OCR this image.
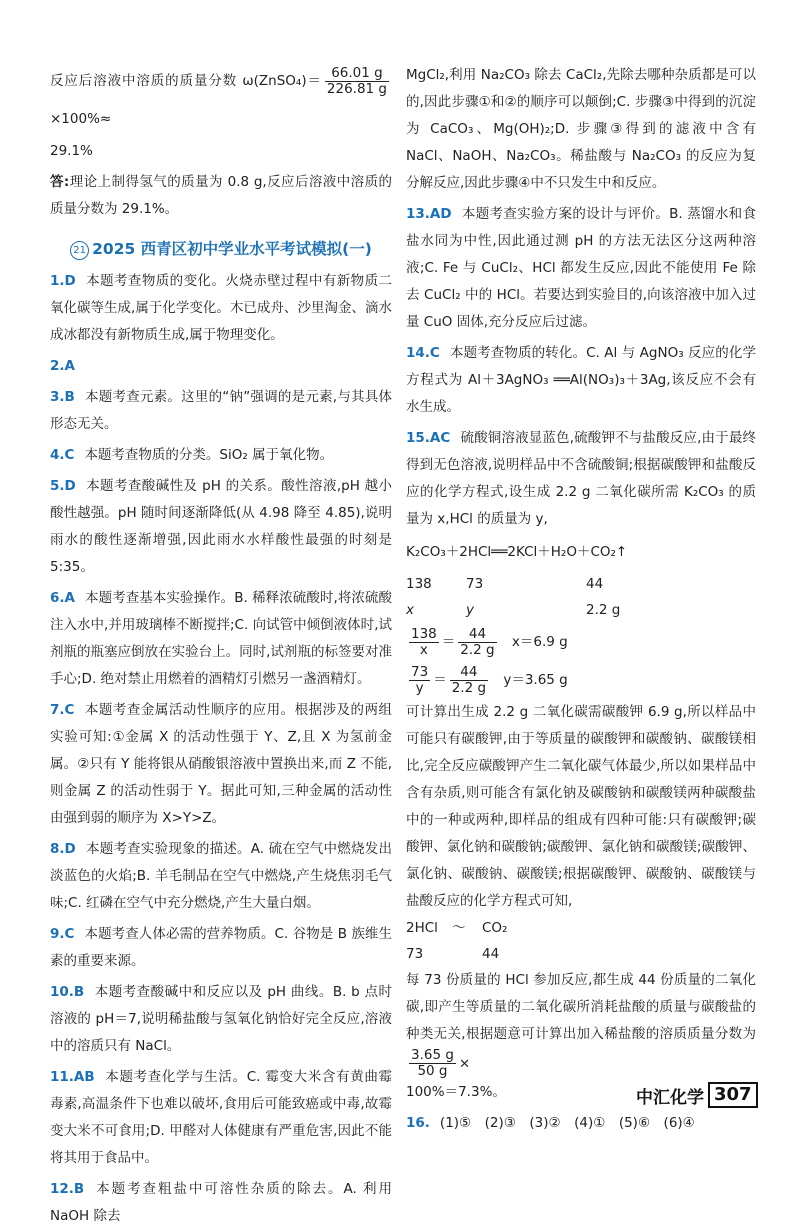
反应后溶液中溶质的质量分数 ω(ZnSO₄)＝ $\frac{66.01 g}{226.81 g}$
×100%≈

29.1%

答:理论上制得氢气的质量为 0.8 g,反应后溶液中溶质的质量分数为 29.1%。

21 2025 西青区初中学业水平考试模拟(一)

1.D 本题考查物质的变化。火烧赤壁过程中有新物质二氧化碳等生成,属于化学变化。木已成舟、沙里淘金、滴水成冰都没有新物质生成,属于物理变化。

2.A

3.B 本题考查元素。这里的“钠”强调的是元素,与其具体形态无关。

4.C 本题考查物质的分类。SiO₂ 属于氧化物。

5.D 本题考查酸碱性及 pH 的关系。酸性溶液,pH 越小酸性越强。pH 随时间逐渐降低(从 4.98 降至 4.85),说明雨水的酸性逐渐增强,因此雨水水样酸性最强的时刻是 5:35。

6.A 本题考查基本实验操作。B. 稀释浓硫酸时,将浓硫酸注入水中,并用玻璃棒不断搅拌;C. 向试管中倾倒液体时,试剂瓶的瓶塞应倒放在实验台上。同时,试剂瓶的标签要对准手心;D. 绝对禁止用燃着的酒精灯引燃另一盏酒精灯。

7.C 本题考查金属活动性顺序的应用。根据涉及的两组实验可知:①金属 X 的活动性强于 Y、Z,且 X 为氢前金属。②只有 Y 能将银从硝酸银溶液中置换出来,而 Z 不能,则金属 Z 的活动性弱于 Y。据此可知,三种金属的活动性由强到弱的顺序为 X>Y>Z。

8.D 本题考查实验现象的描述。A. 硫在空气中燃烧发出淡蓝色的火焰;B. 羊毛制品在空气中燃烧,产生烧焦羽毛气味;C. 红磷在空气中充分燃烧,产生大量白烟。

9.C 本题考查人体必需的营养物质。C. 谷物是 B 族维生素的重要来源。

10.B 本题考查酸碱中和反应以及 pH 曲线。B. b 点时溶液的 pH＝7,说明稀盐酸与氢氧化钠恰好完全反应,溶液中的溶质只有 NaCl。

11.AB 本题考查化学与生活。C. 霉变大米含有黄曲霉毒素,高温条件下也难以破坏,食用后可能致癌或中毒,故霉变大米不可食用;D. 甲醛对人体健康有严重危害,因此不能将其用于食品中。

12.B 本题考查粗盐中可溶性杂质的除去。A. 利用 NaOH 除去

MgCl₂,利用 Na₂CO₃ 除去 CaCl₂,先除去哪种杂质都是可以的,因此步骤①和②的顺序可以颠倒;C. 步骤③中得到的沉淀为 CaCO₃、Mg(OH)₂;D. 步骤③得到的滤液中含有 NaCl、NaOH、Na₂CO₃。稀盐酸与 Na₂CO₃ 的反应为复分解反应,因此步骤④中不只发生中和反应。

13.AD 本题考查实验方案的设计与评价。B. 蒸馏水和食盐水同为中性,因此通过测 pH 的方法无法区分这两种溶液;C. Fe 与 CuCl₂、HCl 都发生反应,因此不能使用 Fe 除去 CuCl₂ 中的 HCl。若要达到实验目的,向该溶液中加入过量 CuO 固体,充分反应后过滤。

14.C 本题考查物质的转化。C. Al 与 AgNO₃ 反应的化学方程式为 Al＋3AgNO₃ ══Al(NO₃)₃＋3Ag,该反应不会有水生成。

15.AC 硫酸铜溶液显蓝色,硫酸钾不与盐酸反应,由于最终得到无色溶液,说明样品中不含硫酸铜;根据碳酸钾和盐酸反应的化学方程式,设生成 2.2 g 二氧化碳所需 K₂CO₃ 的质量为 x,HCl 的质量为 y,

K₂CO₃＋2HCl══2KCl＋H₂O＋CO₂↑

138	73	44
x	y	2.2 g

$\frac{138}{x} = \frac{44}{2.2 g} x=6.9$ g

$\frac{73}{y} = \frac{44}{2.2 g} y=3.65$ g

可计算出生成 2.2 g 二氧化碳需碳酸钾 6.9 g,所以样品中可能只有碳酸钾,由于等质量的碳酸钾和碳酸钠、碳酸镁相比,完全反应碳酸钾产生二氧化碳气体最少,所以如果样品中含有杂质,则可能含有氯化钠及碳酸钠和碳酸镁两种碳酸盐中的一种或两种,即样品的组成有四种可能:只有碳酸钾;碳酸钾、氯化钠和碳酸钠;碳酸钾、氯化钠和碳酸镁;碳酸钾、氯化钠、碳酸钠、碳酸镁;根据碳酸钾、碳酸钠、碳酸镁与盐酸反应的化学方程式可知,

2HCl	～	CO₂
73	44

每 73 份质量的 HCl 参加反应,都生成 44 份质量的二氧化碳,即产生等质量的二氧化碳所消耗盐酸的质量与碳酸盐的种类无关,根据题意可计算出加入稀盐酸的溶质质量分数为
$\frac{3.65 g}{50 g}$ ×

100%＝7.3%。

16. (1)⑤　(2)③　(3)②　(4)①　(5)⑥　(6)④

中汇化学 307
